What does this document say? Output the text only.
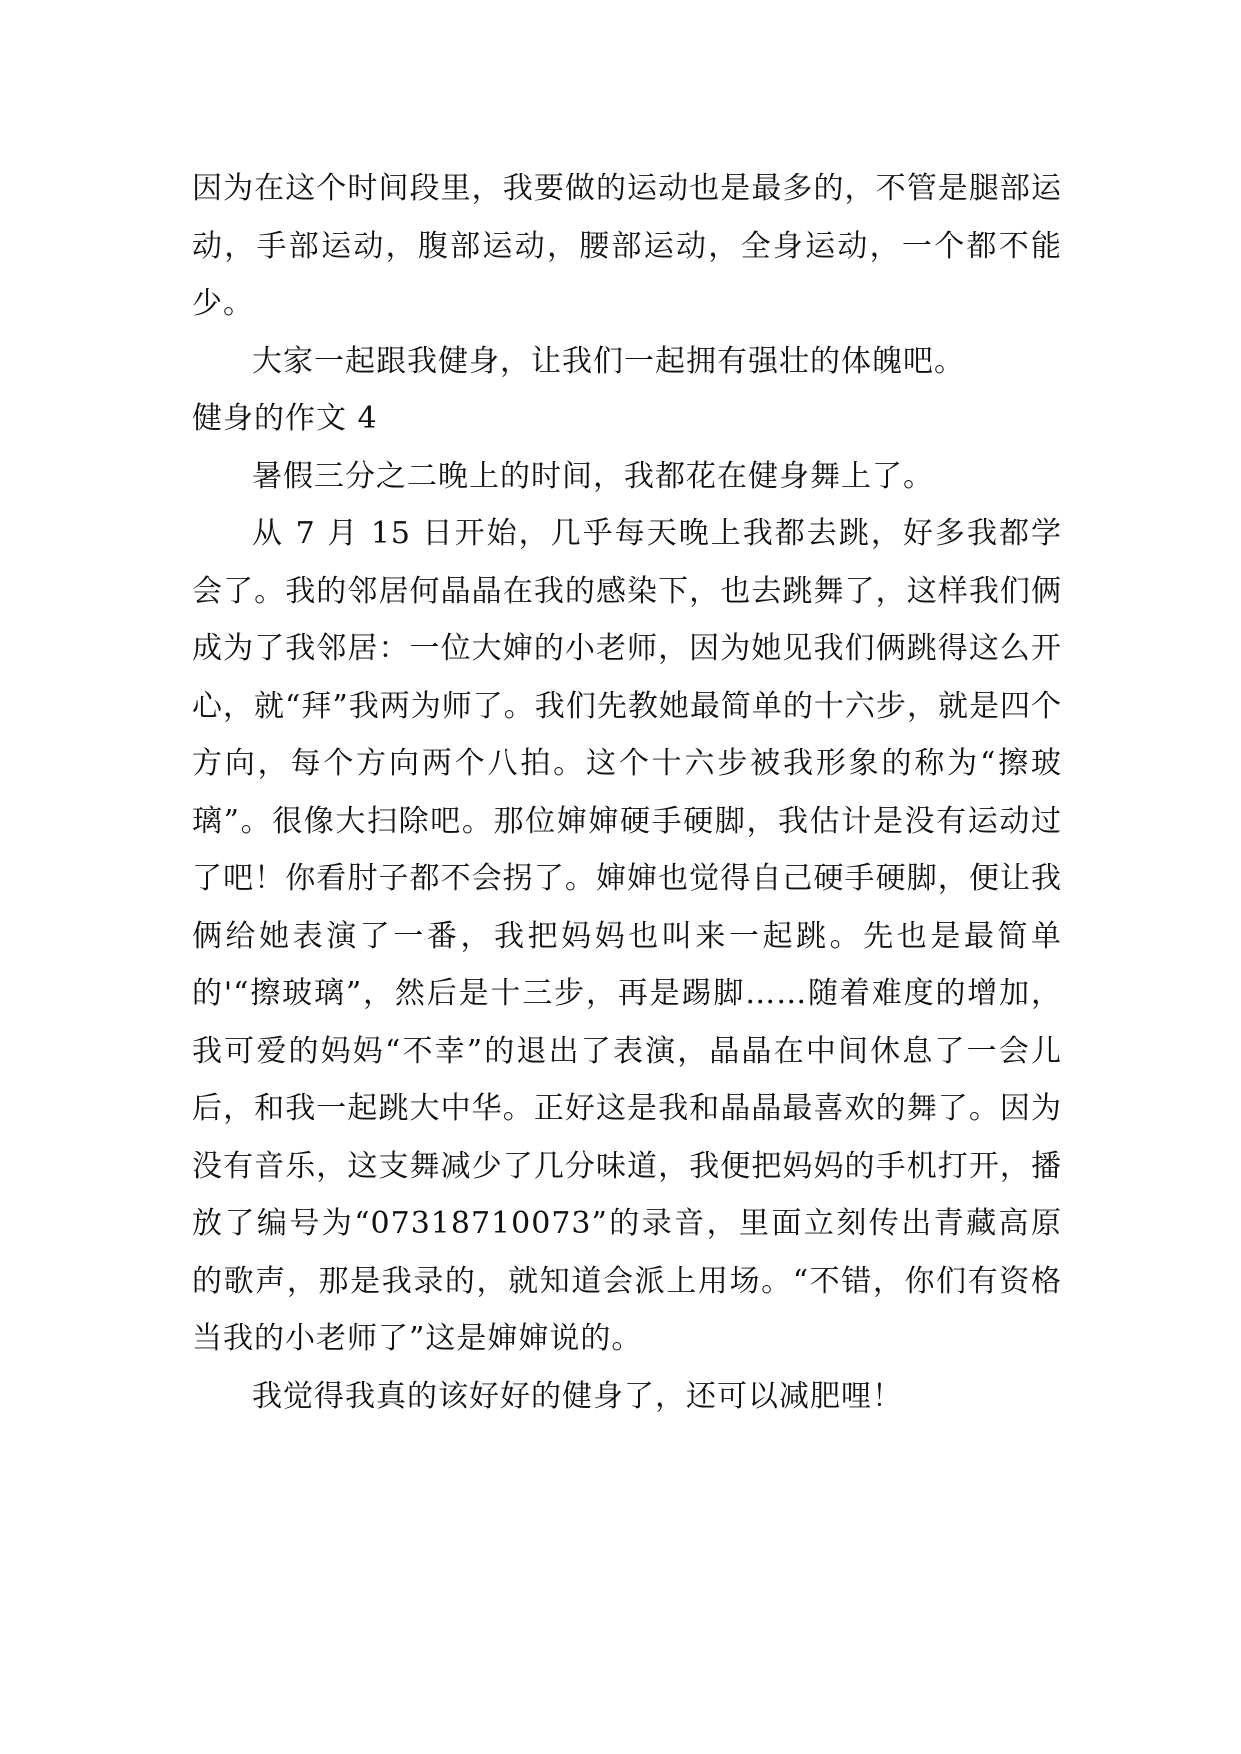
因为在这个时间段里，我要做的运动也是最多的，不管是腿部运动，手部运动，腹部运动，腰部运动，全身运动，一个都不能少。

大家一起跟我健身，让我们一起拥有强壮的体魄吧。

健身的作文 4

暑假三分之二晚上的时间，我都花在健身舞上了。

从 7 月 15 日开始，几乎每天晚上我都去跳，好多我都学会了。我的邻居何晶晶在我的感染下，也去跳舞了，这样我们俩成为了我邻居：一位大婶的小老师，因为她见我们俩跳得这么开心，就“拜”我两为师了。我们先教她最简单的十六步，就是四个方向，每个方向两个八拍。这个十六步被我形象的称为“擦玻璃”。很像大扫除吧。那位婶婶硬手硬脚，我估计是没有运动过了吧！你看肘子都不会拐了。婶婶也觉得自己硬手硬脚，便让我俩给她表演了一番，我把妈妈也叫来一起跳。先也是最简单的'“擦玻璃”，然后是十三步，再是踢脚……随着难度的增加，我可爱的妈妈“不幸”的退出了表演，晶晶在中间休息了一会儿后，和我一起跳大中华。正好这是我和晶晶最喜欢的舞了。因为没有音乐，这支舞减少了几分味道，我便把妈妈的手机打开，播放了编号为“07318710073”的录音，里面立刻传出青藏高原的歌声，那是我录的，就知道会派上用场。“不错，你们有资格当我的小老师了”这是婶婶说的。

我觉得我真的该好好的健身了，还可以减肥哩！
